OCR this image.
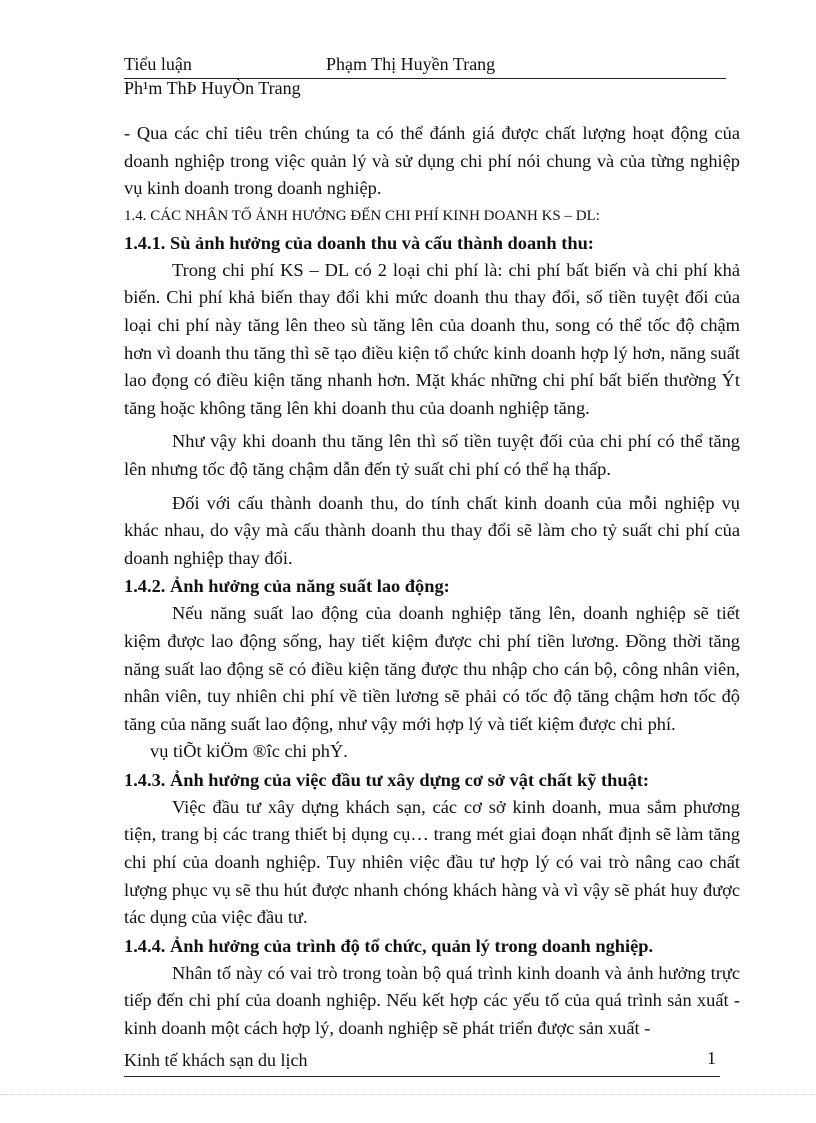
Tiểu luận	Phạm Thị Huyền Trang
Ph¹m ThÞ HuyÒn Trang

- Qua các chỉ tiêu trên chúng ta có thể đánh giá được chất lượng hoạt động của doanh nghiệp trong việc quản lý và sử dụng chi phí nói chung và của từng nghiệp vụ kinh doanh trong doanh nghiệp.

1.4. CÁC NHÂN TỐ ẢNH HƯỞNG ĐẾN CHI PHÍ KINH DOANH KS – DL:

1.4.1. Sù ảnh hưởng của doanh thu và cấu thành doanh thu:

Trong chi phí KS – DL có 2 loại chi phí là: chi phí bất biến và chi phí khả biến. Chi phí khả biến thay đổi khi mức doanh thu thay đổi, số tiền tuyệt đối của loại chi phí này tăng lên theo sù tăng lên của doanh thu, song có thể tốc độ chậm hơn vì doanh thu tăng thì sẽ tạo điều kiện tổ chức kinh doanh hợp lý hơn, năng suất lao đọng có điều kiện tăng nhanh hơn. Mặt khác những chi phí bất biến thường Ýt tăng hoặc không tăng lên khi doanh thu của doanh nghiệp tăng.

Như vậy khi doanh thu tăng lên thì số tiền tuyệt đối của chi phí có thể tăng lên nhưng tốc độ tăng chậm dẫn đến tỷ suất chi phí có thể hạ thấp.

Đối với cấu thành doanh thu, do tính chất kinh doanh của mỗi nghiệp vụ khác nhau, do vậy mà cấu thành doanh thu thay đổi sẽ làm cho tỷ suất chi phí của doanh nghiệp thay đổi.

1.4.2. Ảnh hưởng của năng suất lao động:

Nếu năng suất lao động của doanh nghiệp tăng lên, doanh nghiệp sẽ tiết kiệm được lao động sống, hay tiết kiệm được chi phí tiền lương. Đồng thời tăng năng suất lao động sẽ có điều kiện tăng được thu nhập cho cán bộ, công nhân viên, nhân viên, tuy nhiên chi phí về tiền lương sẽ phải có tốc độ tăng chậm hơn tốc độ tăng của năng suất lao động, như vậy mới hợp lý và tiết kiệm được chi phí.

vụ tiÕt kiÖm ®îc chi phÝ.

1.4.3. Ảnh hưởng của việc đầu tư xây dựng cơ sở vật chất kỹ thuật:

Việc đầu tư xây dựng khách sạn, các cơ sở kinh doanh, mua sắm phương tiện, trang bị các trang thiết bị dụng cụ… trang mét giai đoạn nhất định sẽ làm tăng chi phí của doanh nghiệp. Tuy nhiên việc đầu tư hợp lý có vai trò nâng cao chất lượng phục vụ sẽ thu hút được nhanh chóng khách hàng và vì vậy sẽ phát huy được tác dụng của việc đầu tư.

1.4.4. Ảnh hưởng của trình độ tổ chức, quản lý trong doanh nghiệp.

Nhân tố này có vai trò trong toàn bộ quá trình kinh doanh và ảnh hưởng trực tiếp đến chi phí của doanh nghiệp. Nếu kết hợp các yếu tố của quá trình sản xuất - kinh doanh một cách hợp lý, doanh nghiệp sẽ phát triển được sản xuất -

Kinh tế khách sạn du lịch	1
